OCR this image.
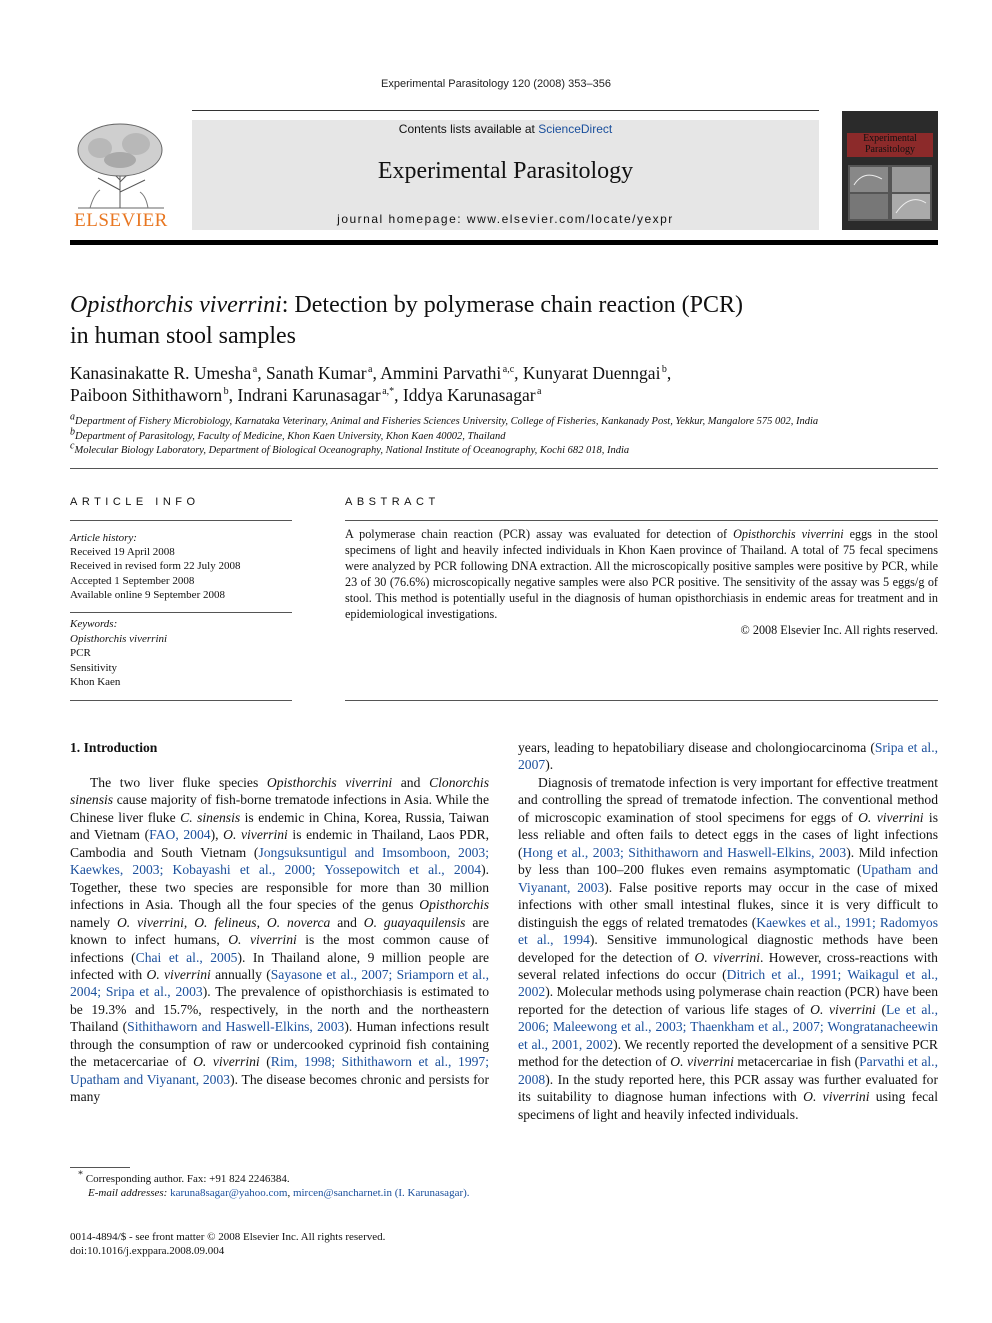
Experimental Parasitology 120 (2008) 353–356
ELSEVIER
Contents lists available at ScienceDirect
Experimental Parasitology
journal homepage: www.elsevier.com/locate/yexpr
Experimental Parasitology
Opisthorchis viverrini: Detection by polymerase chain reaction (PCR)
in human stool samples
Kanasinakatte R. Umesha $^a$, Sanath Kumar $^a$, Ammini Parvathi $^{a,c}$, Kunyarat Duenngai $^b$,
Paiboon Sithithaworn $^b$, Indrani Karunasagar $^{a,*}$, Iddya Karunasagar $^a$
$^a$Department of Fishery Microbiology, Karnataka Veterinary, Animal and Fisheries Sciences University, College of Fisheries, Kankanady Post, Yekkur, Mangalore 575 002, India
$^b$Department of Parasitology, Faculty of Medicine, Khon Kaen University, Khon Kaen 40002, Thailand
$^c$Molecular Biology Laboratory, Department of Biological Oceanography, National Institute of Oceanography, Kochi 682 018, India
ARTICLE INFO
Article history:
Received 19 April 2008
Received in revised form 22 July 2008
Accepted 1 September 2008
Available online 9 September 2008
Keywords:
Opisthorchis viverrini
PCR
Sensitivity
Khon Kaen
ABSTRACT
A polymerase chain reaction (PCR) assay was evaluated for detection of Opisthorchis viverrini eggs in the stool specimens of light and heavily infected individuals in Khon Kaen province of Thailand. A total of 75 fecal specimens were analyzed by PCR following DNA extraction. All the microscopically positive samples were positive by PCR, while 23 of 30 (76.6%) microscopically negative samples were also PCR positive. The sensitivity of the assay was 5 eggs/g of stool. This method is potentially useful in the diagnosis of human opisthorchiasis in endemic areas for treatment and in epidemiological investigations.
© 2008 Elsevier Inc. All rights reserved.
1. Introduction
The two liver fluke species Opisthorchis viverrini and Clonorchis sinensis cause majority of fish-borne trematode infections in Asia. While the Chinese liver fluke C. sinensis is endemic in China, Korea, Russia, Taiwan and Vietnam (FAO, 2004), O. viverrini is endemic in Thailand, Laos PDR, Cambodia and South Vietnam (Jongsuksuntigul and Imsomboon, 2003; Kaewkes, 2003; Kobayashi et al., 2000; Yossepowitch et al., 2004). Together, these two species are responsible for more than 30 million infections in Asia. Though all the four species of the genus Opisthorchis namely O. viverrini, O. felineus, O. noverca and O. guayaquilensis are known to infect humans, O. viverrini is the most common cause of infections (Chai et al., 2005). In Thailand alone, 9 million people are infected with O. viverrini annually (Sayasone et al., 2007; Sriamporn et al., 2004; Sripa et al., 2003). The prevalence of opisthorchiasis is estimated to be 19.3% and 15.7%, respectively, in the north and the northeastern Thailand (Sithithaworn and Haswell-Elkins, 2003). Human infections result through the consumption of raw or undercooked cyprinoid fish containing the metacercariae of O. viverrini (Rim, 1998; Sithithaworn et al., 1997; Upatham and Viyanant, 2003). The disease becomes chronic and persists for many
years, leading to hepatobiliary disease and cholongiocarcinoma (Sripa et al., 2007).
Diagnosis of trematode infection is very important for effective treatment and controlling the spread of trematode infection. The conventional method of microscopic examination of stool specimens for eggs of O. viverrini is less reliable and often fails to detect eggs in the cases of light infections (Hong et al., 2003; Sithithaworn and Haswell-Elkins, 2003). Mild infection by less than 100–200 flukes even remains asymptomatic (Upatham and Viyanant, 2003). False positive reports may occur in the case of mixed infections with other small intestinal flukes, since it is very difficult to distinguish the eggs of related trematodes (Kaewkes et al., 1991; Radomyos et al., 1994). Sensitive immunological diagnostic methods have been developed for the detection of O. viverrini. However, cross-reactions with several related infections do occur (Ditrich et al., 1991; Waikagul et al., 2002). Molecular methods using polymerase chain reaction (PCR) have been reported for the detection of various life stages of O. viverrini (Le et al., 2006; Maleewong et al., 2003; Thaenkham et al., 2007; Wongratanacheewin et al., 2001, 2002). We recently reported the development of a sensitive PCR method for the detection of O. viverrini metacercariae in fish (Parvathi et al., 2008). In the study reported here, this PCR assay was further evaluated for its suitability to diagnose human infections with O. viverrini using fecal specimens of light and heavily infected individuals.
* Corresponding author. Fax: +91 824 2246384.
E-mail addresses: karuna8sagar@yahoo.com, mircen@sancharnet.in (I. Karunasagar).
0014-4894/$ - see front matter © 2008 Elsevier Inc. All rights reserved.
doi:10.1016/j.exppara.2008.09.004
